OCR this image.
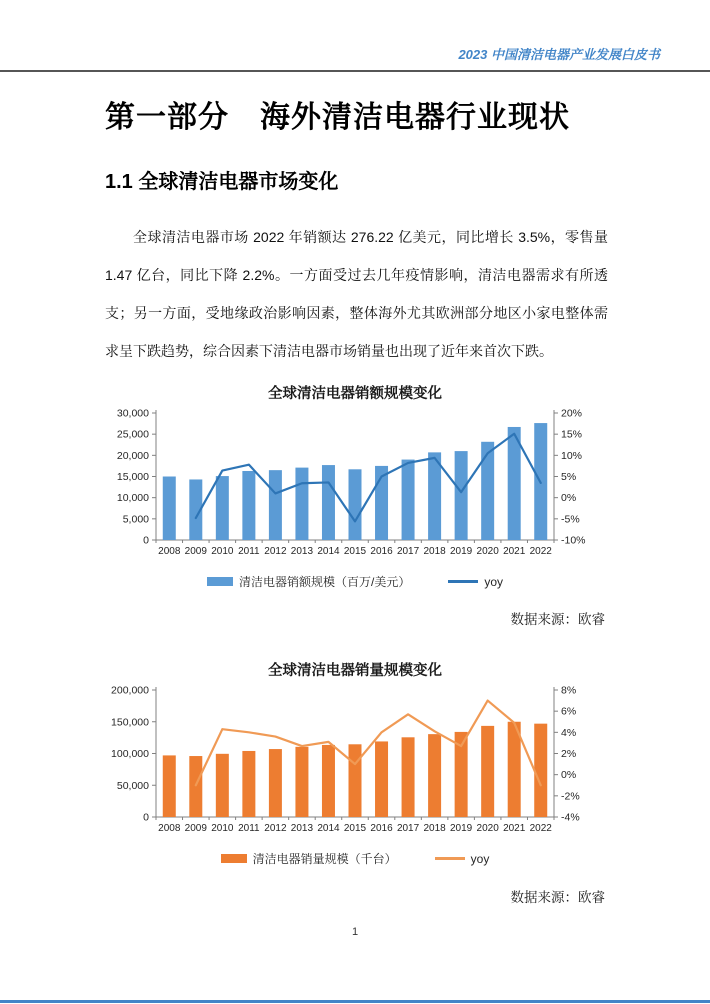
2023 中国清洁电器产业发展白皮书
第一部分　海外清洁电器行业现状
1.1 全球清洁电器市场变化

全球清洁电器市场 2022 年销额达 276.22 亿美元，同比增长 3.5%，零售量 1.47 亿台，同比下降 2.2%。一方面受过去几年疫情影响，清洁电器需求有所透支；另一方面，受地缘政治影响因素，整体海外尤其欧洲部分地区小家电整体需求呈下跌趋势，综合因素下清洁电器市场销量也出现了近年来首次下跌。

全球清洁电器销额规模变化
0
5,000
10,000
15,000
20,000
25,000
30,000
-10%
-5%
0%
5%
10%
15%
20%
2008 2009 2010 2011 2012 2013 2014 2015 2016 2017 2018 2019 2020 2021 2022
清洁电器销额规模（百万/美元）	yoy
数据来源：欧睿
全球清洁电器销量规模变化
0
50,000
100,000
150,000
200,000
-4%
-2%
0%
2%
4%
6%
8%
2008 2009 2010 2011 2012 2013 2014 2015 2016 2017 2018 2019 2020 2021 2022
清洁电器销量规模（千台）	yoy
数据来源：欧睿
1
